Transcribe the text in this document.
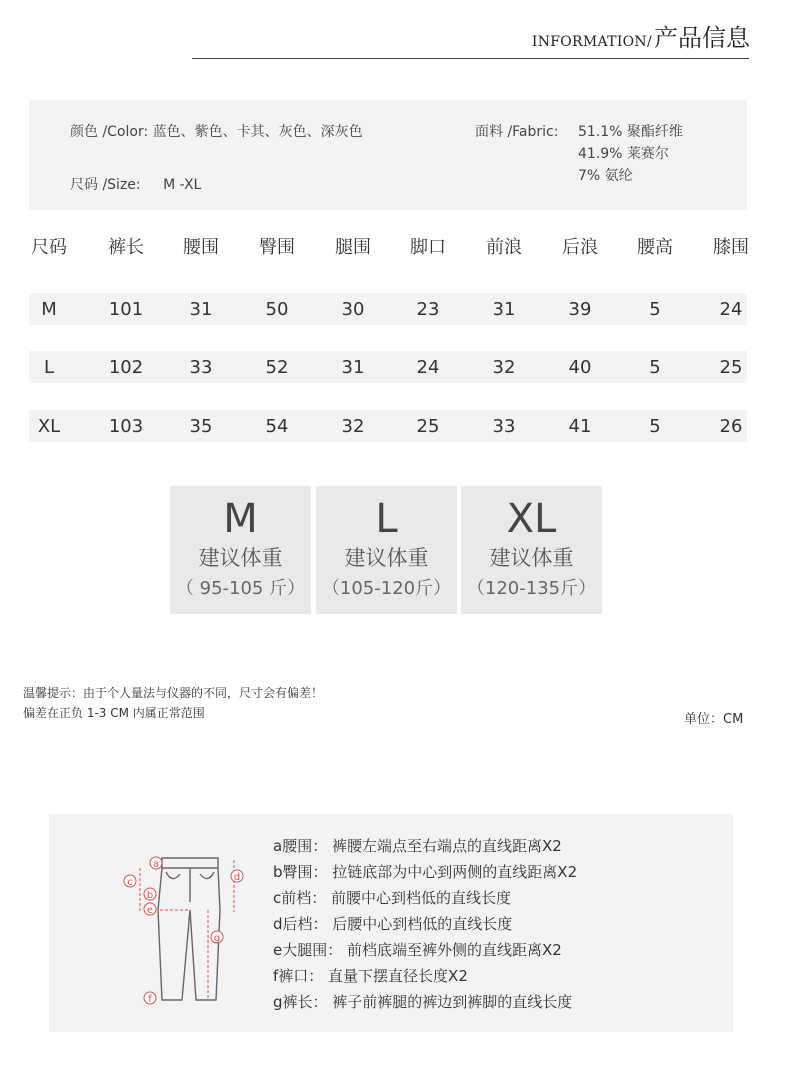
INFORMATION/产品信息
颜色 /Color: 蓝色、紫色、卡其、灰色、深灰色
尺码 /Size: M -XL
面料 /Fabric: 51.1% 聚酯纤维
41.9% 莱赛尔
7% 氨纶
尺码	裤长	腰围	臀围	腿围	脚口	前浪	后浪	腰高	膝围
M	101	31	50	30	23	31	39	5	24
L	102	33	52	31	24	32	40	5	25
XL	103	35	54	32	25	33	41	5	26
M
建议体重
（ 95-105 斤）
L
建议体重
（105-120斤）
XL
建议体重
（120-135斤）
温馨提示：由于个人量法与仪器的不同，尺寸会有偏差！
偏差在正负 1-3 CM 内属正常范围	单位：CM
a
b
c	d
e
f
g
a腰围： 裤腰左端点至右端点的直线距离X2
b臀围： 拉链底部为中心到两侧的直线距离X2
c前档： 前腰中心到档低的直线长度
d后档： 后腰中心到档低的直线长度
e大腿围： 前档底端至裤外侧的直线距离X2
f裤口： 直量下摆直径长度X2
g裤长： 裤子前裤腿的裤边到裤脚的直线长度
